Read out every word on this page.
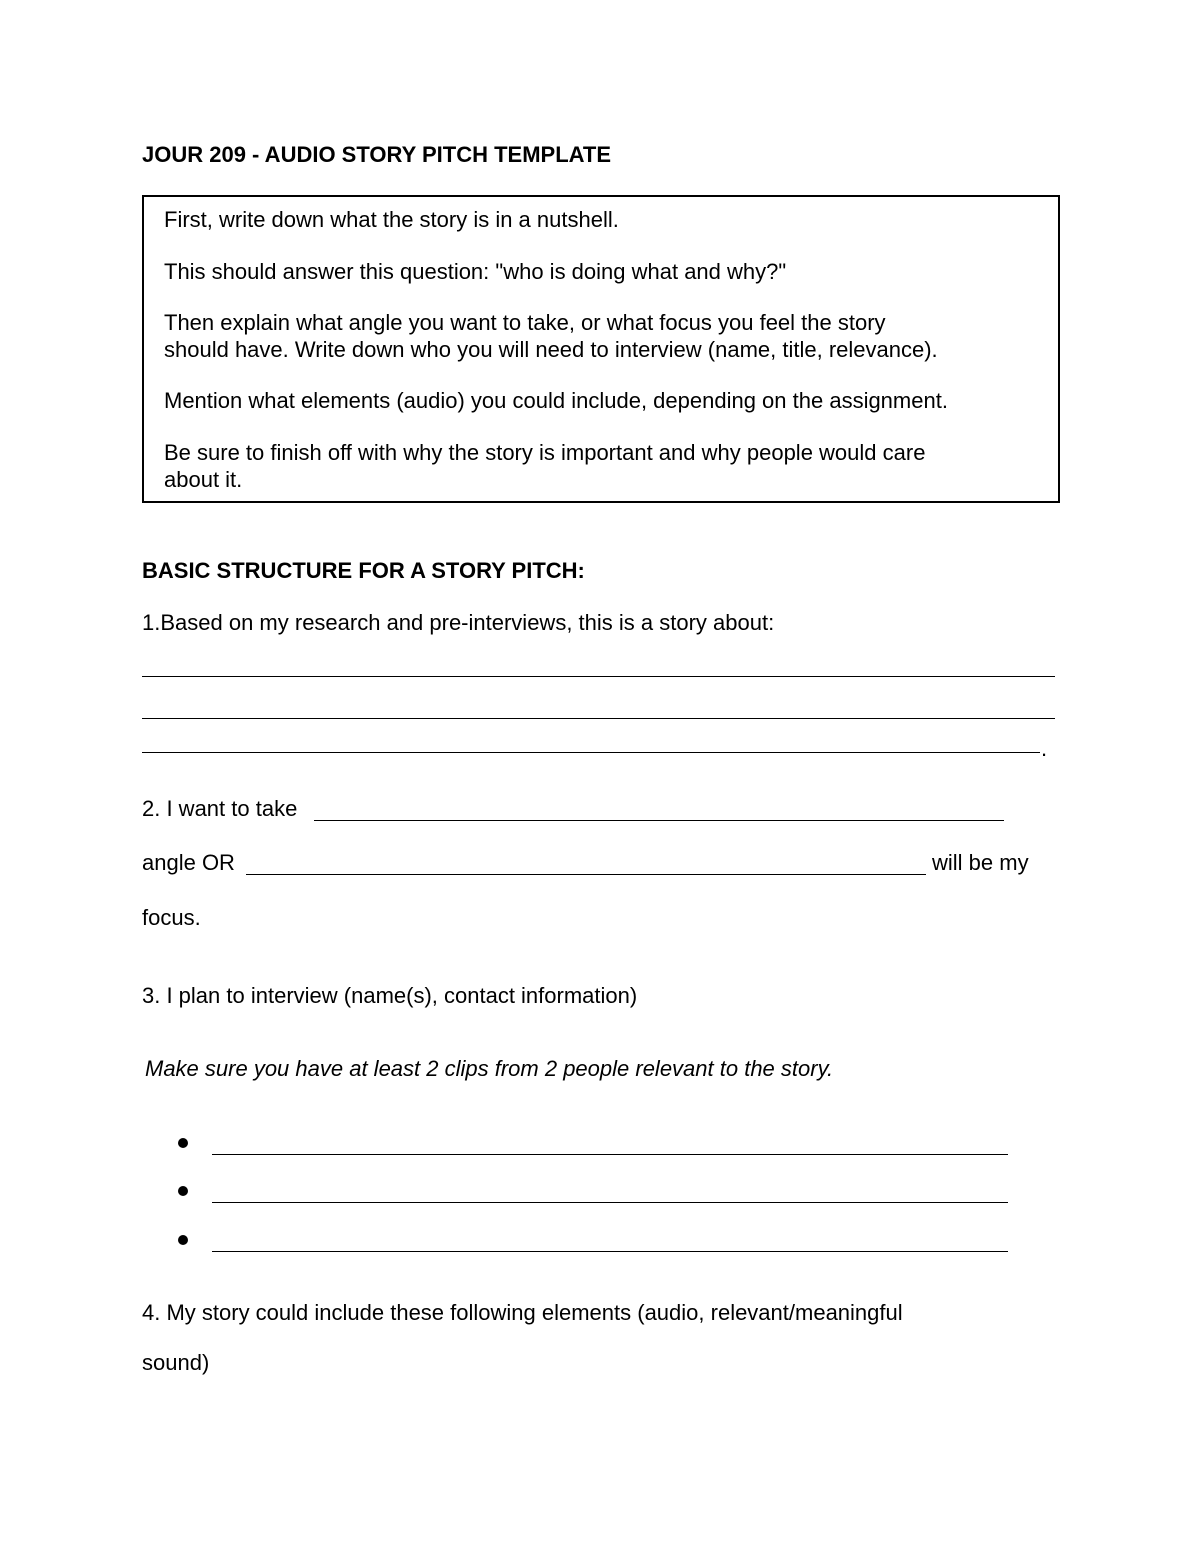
JOUR 209 - AUDIO STORY PITCH TEMPLATE
First, write down what the story is in a nutshell.
This should answer this question: "who is doing what and why?"
Then explain what angle you want to take, or what focus you feel the story
should have. Write down who you will need to interview (name, title, relevance).
Mention what elements (audio) you could include, depending on the assignment.
Be sure to finish off with why the story is important and why people would care
about it.
BASIC STRUCTURE FOR A STORY PITCH:
1.Based on my research and pre-interviews, this is a story about:
.
2. I want to take
angle OR	will be my
focus.
3. I plan to interview (name(s), contact information)
Make sure you have at least 2 clips from 2 people relevant to the story.
4. My story could include these following elements (audio, relevant/meaningful
sound)
